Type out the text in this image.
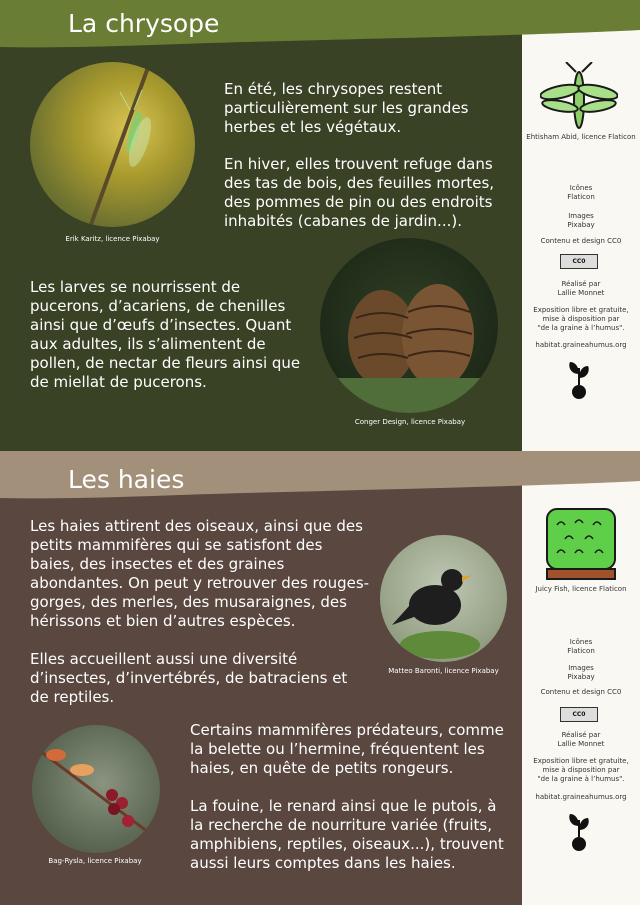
La chrysope
Erik Karitz, licence Pixabay
En été, les chrysopes restent
particulièrement sur les grandes
herbes et les végétaux.
En hiver, elles trouvent refuge dans
des tas de bois, des feuilles mortes,
des pommes de pin ou des endroits
inhabités (cabanes de jardin...).
Les larves se nourrissent de
pucerons, d’acariens, de chenilles
ainsi que d’œufs d’insectes. Quant
aux adultes, ils s’alimentent de
pollen, de nectar de fleurs ainsi que
de miellat de pucerons.
Conger Design, licence Pixabay
Ehtisham Abid, licence Flaticon
Icônes
Flaticon
Images
Pixabay
Contenu et design CC0
CC0
Réalisé par
Lallie Monnet
Exposition libre et gratuite,
mise à disposition par
"de la graine à l’humus".
habitat.graineahumus.org
Les haies
Les haies attirent des oiseaux, ainsi que des
petits mammifères qui se satisfont des
baies, des insectes et des graines
abondantes. On peut y retrouver des rouges-
gorges, des merles, des musaraignes, des
hérissons et bien d’autres espèces.
Elles accueillent aussi une diversité
d’insectes, d’invertébrés, de batraciens et
de reptiles.
Matteo Baronti, licence Pixabay
Certains mammifères prédateurs, comme
la belette ou l’hermine, fréquentent les
haies, en quête de petits rongeurs.
La fouine, le renard ainsi que le putois, à
la recherche de nourriture variée (fruits,
amphibiens, reptiles, oiseaux...), trouvent
aussi leurs comptes dans les haies.
Bag-Rysla, licence Pixabay
Juicy Fish, licence Flaticon
Icônes
Flaticon
Images
Pixabay
Contenu et design CC0
CC0
Réalisé par
Lallie Monnet
Exposition libre et gratuite,
mise à disposition par
"de la graine à l’humus".
habitat.graineahumus.org
